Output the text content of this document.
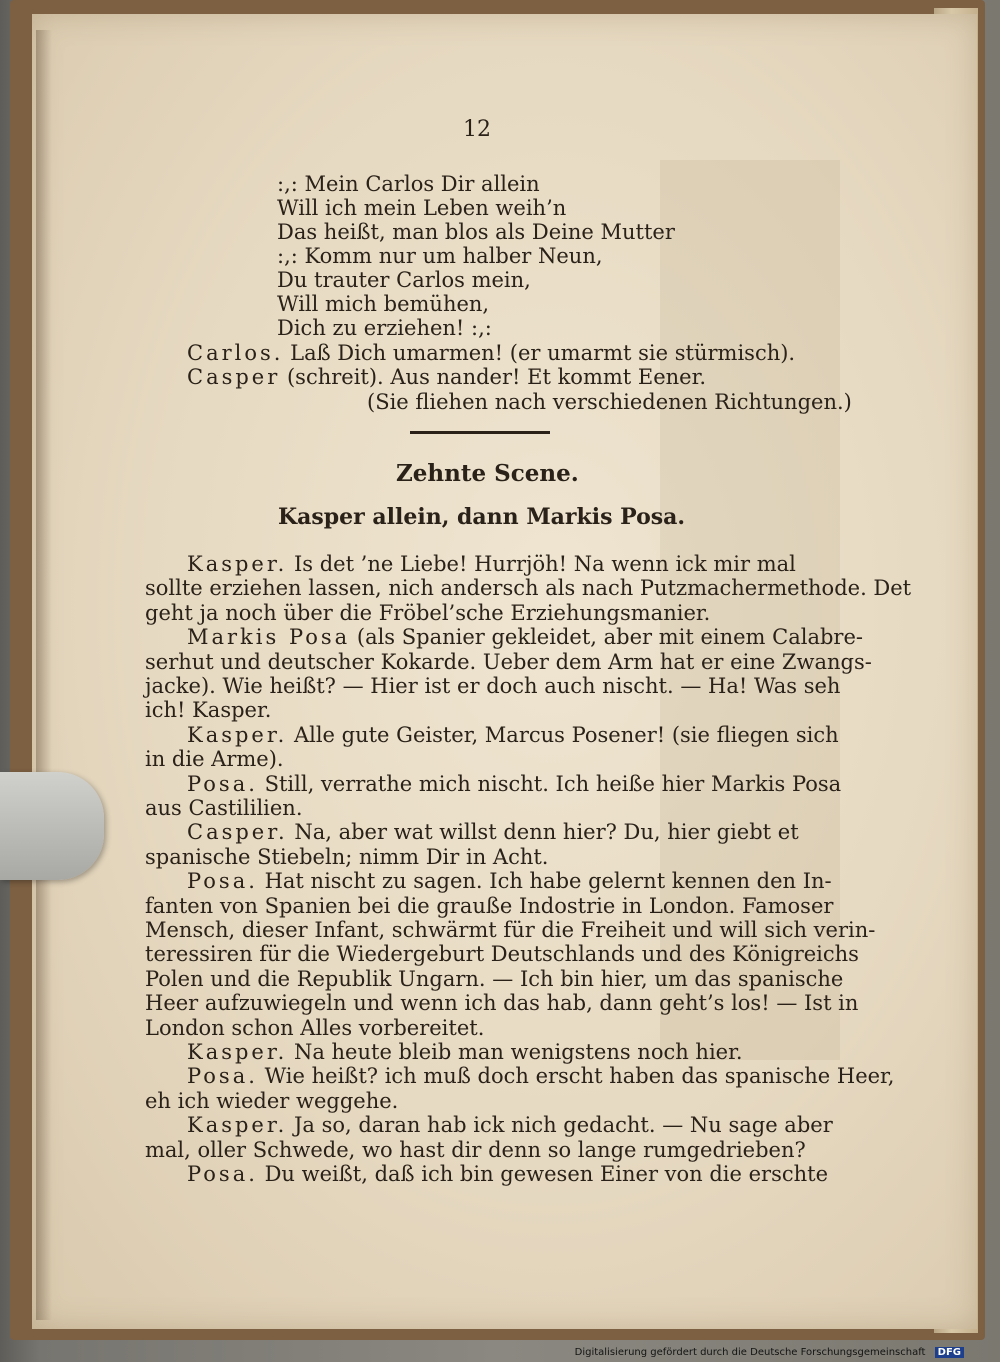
12
:,: Mein Carlos Dir allein
Will ich mein Leben weih’n
Das heißt, man blos als Deine Mutter
:,: Komm nur um halber Neun,
Du trauter Carlos mein,
Will mich bemühen,
Dich zu erziehen! :,:
Carlos. Laß Dich umarmen! (er umarmt sie stürmisch).
Casper (schreit). Aus nander! Et kommt Eener.
(Sie fliehen nach verschiedenen Richtungen.)
Zehnte Scene.
Kasper allein, dann Markis Posa.
Kasper. Is det ’ne Liebe! Hurrjöh! Na wenn ick mir mal
sollte erziehen lassen, nich andersch als nach Putzmachermethode. Det
geht ja noch über die Fröbel’sche Erziehungsmanier.
Markis Posa (als Spanier gekleidet, aber mit einem Calabre-
serhut und deutscher Kokarde. Ueber dem Arm hat er eine Zwangs-
jacke). Wie heißt? — Hier ist er doch auch nischt. — Ha! Was seh
ich! Kasper.
Kasper. Alle gute Geister, Marcus Posener! (sie fliegen sich
in die Arme).
Posa. Still, verrathe mich nischt. Ich heiße hier Markis Posa
aus Castililien.
Casper. Na, aber wat willst denn hier? Du, hier giebt et
spanische Stiebeln; nimm Dir in Acht.
Posa. Hat nischt zu sagen. Ich habe gelernt kennen den In-
fanten von Spanien bei die grauße Indostrie in London. Famoser
Mensch, dieser Infant, schwärmt für die Freiheit und will sich verin-
teressiren für die Wiedergeburt Deutschlands und des Königreichs
Polen und die Republik Ungarn. — Ich bin hier, um das spanische
Heer aufzuwiegeln und wenn ich das hab, dann geht’s los! — Ist in
London schon Alles vorbereitet.
Kasper. Na heute bleib man wenigstens noch hier.
Posa. Wie heißt? ich muß doch erscht haben das spanische Heer,
eh ich wieder weggehe.
Kasper. Ja so, daran hab ick nich gedacht. — Nu sage aber
mal, oller Schwede, wo hast dir denn so lange rumgedrieben?
Posa. Du weißt, daß ich bin gewesen Einer von die erschte
Digitalisierung gefördert durch die Deutsche Forschungsgemeinschaft DFG
